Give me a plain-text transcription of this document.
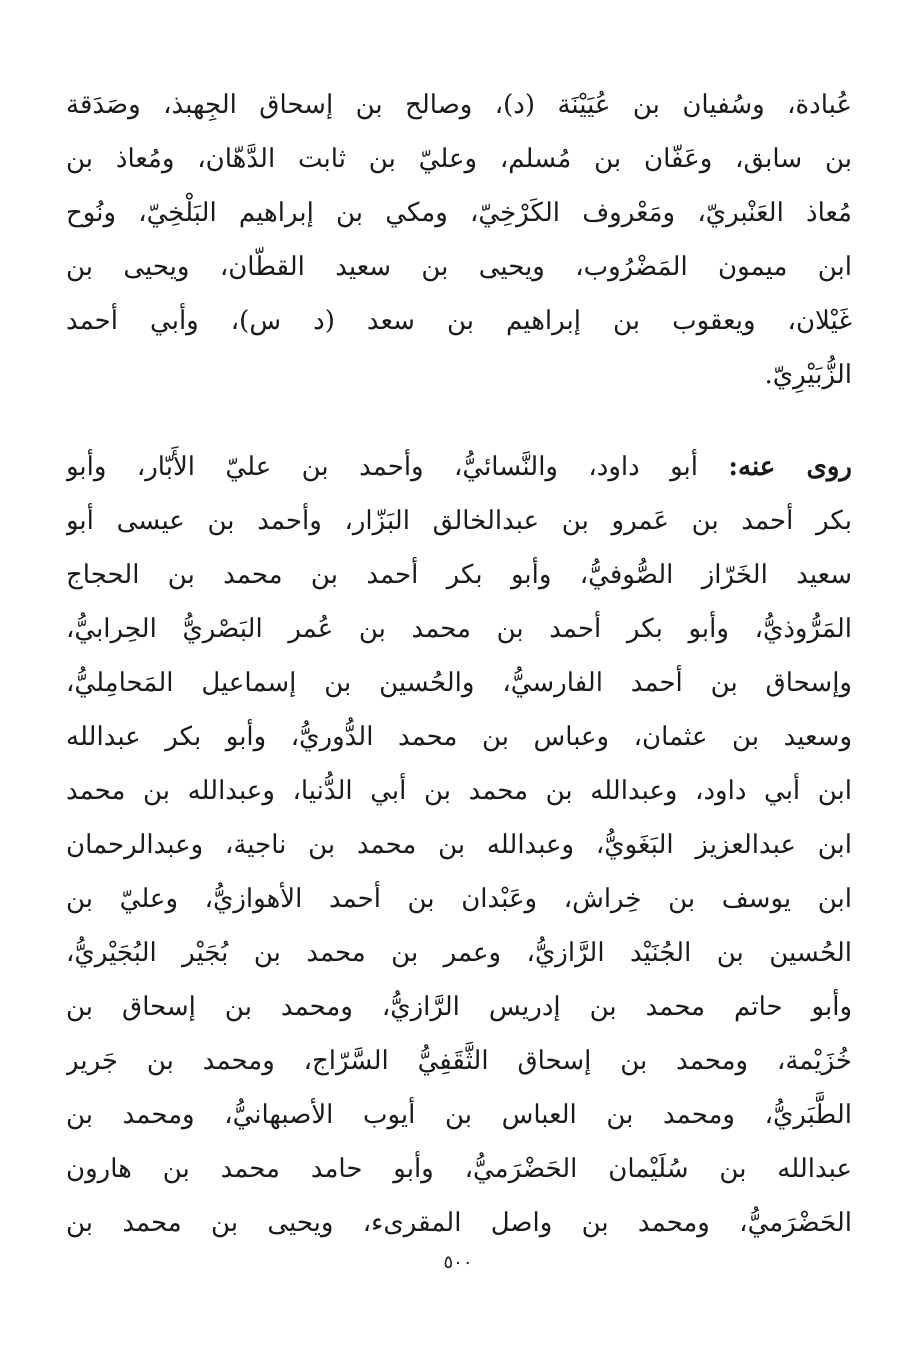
عُبادة، وسُفيان بن عُيَيْنَة (د)، وصالح بن إسحاق الجِهبذ، وصَدَقة
بن سابق، وعَفّان بن مُسلم، وعليّ بن ثابت الدَّهّان، ومُعاذ بن
مُعاذ العَنْبريّ، ومَعْروف الكَرْخِيّ، ومكي بن إبراهيم البَلْخِيّ، ونُوح
ابن ميمون المَضْرُوب، ويحيى بن سعيد القطّان، ويحيى بن
غَيْلان، ويعقوب بن إبراهيم بن سعد (د س)، وأبي أحمد
الزُّبَيْرِيّ.
روى عنه: أبو داود، والنَّسائيُّ، وأحمد بن عليّ الأَبّار، وأبو
بكر أحمد بن عَمرو بن عبدالخالق البَزّار، وأحمد بن عيسى أبو
سعيد الخَرّاز الصُّوفيُّ، وأبو بكر أحمد بن محمد بن الحجاج
المَرُّوذيُّ، وأبو بكر أحمد بن محمد بن عُمر البَصْريُّ الحِرابيُّ،
وإسحاق بن أحمد الفارسيُّ، والحُسين بن إسماعيل المَحامِليُّ،
وسعيد بن عثمان، وعباس بن محمد الدُّوريُّ، وأبو بكر عبدالله
ابن أبي داود، وعبدالله بن محمد بن أبي الدُّنيا، وعبدالله بن محمد
ابن عبدالعزيز البَغَويُّ، وعبدالله بن محمد بن ناجية، وعبدالرحمان
ابن يوسف بن خِراش، وعَبْدان بن أحمد الأهوازيُّ، وعليّ بن
الحُسين بن الجُنَيْد الرَّازيُّ، وعمر بن محمد بن بُجَيْر البُجَيْريُّ،
وأبو حاتم محمد بن إدريس الرَّازيُّ، ومحمد بن إسحاق بن
خُزَيْمة، ومحمد بن إسحاق الثَّقَفِيُّ السَّرّاج، ومحمد بن جَرير
الطَّبَريُّ، ومحمد بن العباس بن أيوب الأصبهانيُّ، ومحمد بن
عبدالله بن سُلَيْمان الحَضْرَميُّ، وأبو حامد محمد بن هارون
الحَضْرَميُّ، ومحمد بن واصل المقرىء، ويحيى بن محمد بن
٥٠٠
